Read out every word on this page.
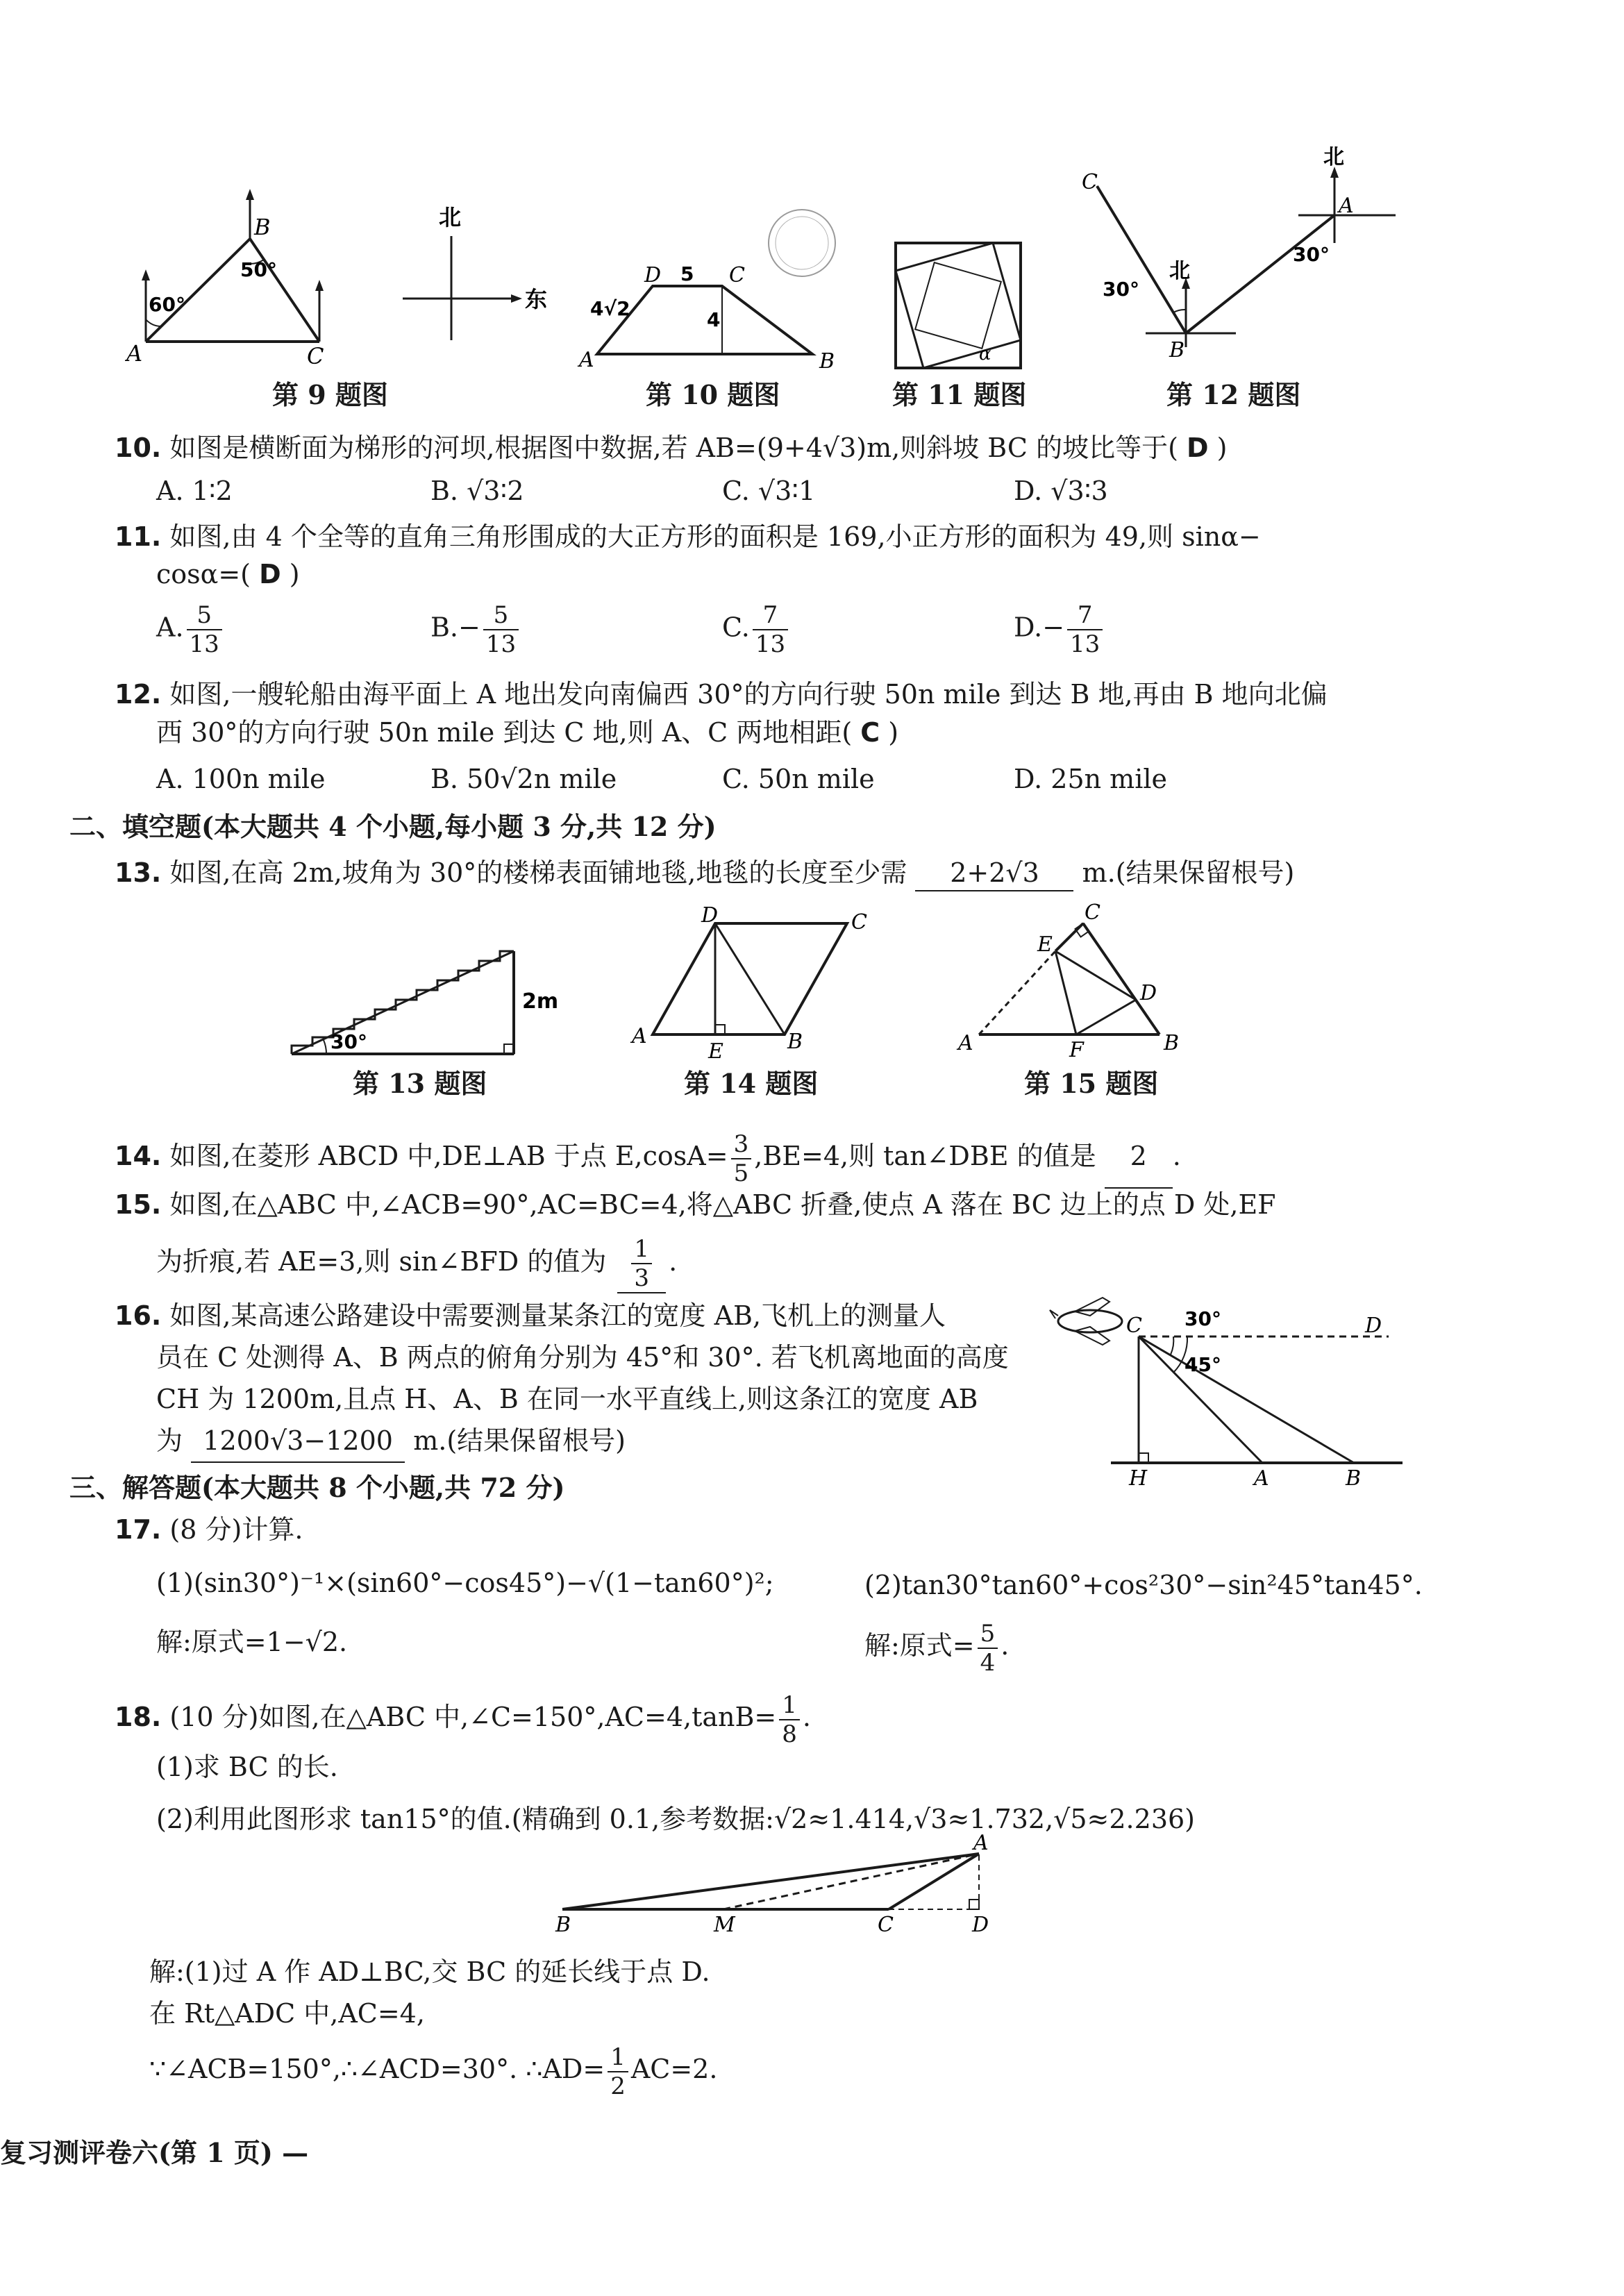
A
B
C
60°
50°
第 9 题图
北
东
A	B
C
D 5
4
4√2
第 10 题图
α
第 11 题图
C
A
B
北
北
30°
30°
第 12 题图
10. 如图是横断面为梯形的河坝,根据图中数据,若 AB=(9+4√3)m,则斜坡 BC 的坡比等于( D )
A. 1∶2	B. √3∶2	C. √3∶1	D. √3∶3
11. 如图,由 4 个全等的直角三角形围成的大正方形的面积是 169,小正方形的面积为 49,则 sinα−
cosα=( D )
A. $\frac{5}{13}$	$B.- \frac{5}{13}$	C. $\frac{7}{13}$	$D.- \frac{7}{13}$
12. 如图,一艘轮船由海平面上 A 地出发向南偏西 30°的方向行驶 50n mile 到达 B 地,再由 B 地向北偏
西 30°的方向行驶 50n mile 到达 C 地,则 A、C 两地相距( C )
A. 100n mile	B. 50√2n mile	C. 50n mile	D. 25n mile
二、填空题(本大题共 4 个小题,每小题 3 分,共 12 分)
13. 如图,在高 2m,坡角为 30°的楼梯表面铺地毯,地毯的长度至少需 2+2√3 m.(结果保留根号)
30°
2m
第 13 题图
A	B
C
D
E
第 14 题图
A	B
C
D
E
F
第 15 题图
14. 如图,在菱形 ABCD 中,DE⊥AB 于点 $E,\cos A= \frac{3}{5} ,BE=4$,则 tan∠DBE 的值是 2 .
15. 如图,在△ABC 中,∠ACB=90°,AC=BC=4,将△ABC 折叠,使点 A 落在 BC 边上的点 D 处,EF
为折痕,若 AE=3,则 sin∠BFD 的值为 $\frac{1}{3}$ .
16. 如图,某高速公路建设中需要测量某条江的宽度 AB,飞机上的测量人
员在 C 处测得 A、B 两点的俯角分别为 45°和 30°. 若飞机离地面的高度
CH 为 1200m,且点 H、A、B 在同一水平直线上,则这条江的宽度 AB
为 1200√3−1200 m.(结果保留根号)
C	D
H	A	B
30°
45°
三、解答题(本大题共 8 个小题,共 72 分)
17. (8 分)计算.
(1)(sin30°)⁻¹×(sin60°−cos45°)−√(1−tan60°)²;	(2)tan30°tan60°+cos²30°−sin²45°tan45°.
解:原式=1−√2.	解:原式= $\frac{5}{4}$ .
18. (10 分)如图,在△ABC 中,∠C=150°,AC=4,tanB= $\frac{1}{8}$ .
(1)求 BC 的长.
(2)利用此图形求 tan15°的值.(精确到 0.1,参考数据:√2≈1.414,√3≈1.732,√5≈2.236)
A
B	M	C	D
解:(1)过 A 作 AD⊥BC,交 BC 的延长线于点 D.
在 Rt△ADC 中,AC=4,
∵∠ACB=150°,∴∠ACD=30°. ∴AD= $\frac{1}{2} AC=2$.
复习测评卷六(第 1 页) —
